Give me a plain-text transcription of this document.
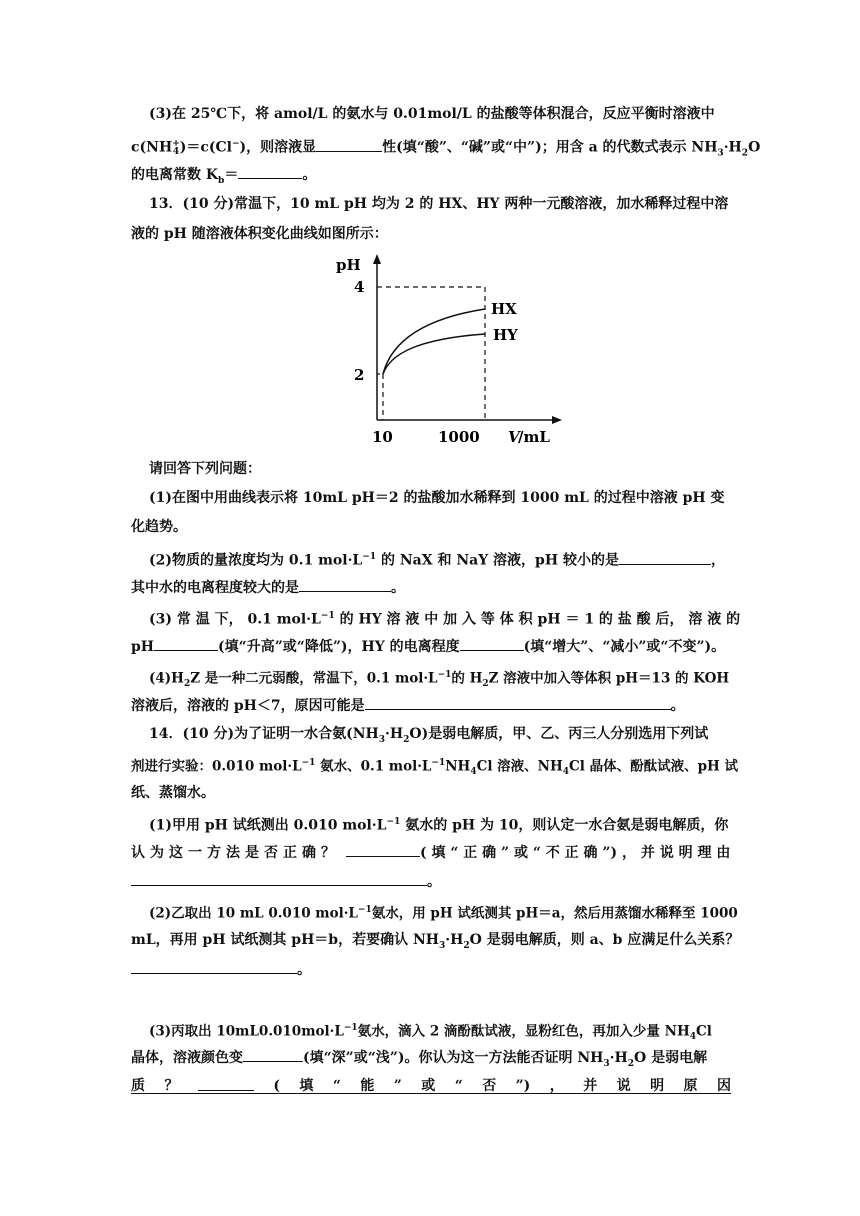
(3)在 25℃下，将 amol/L 的氨水与 0.01mol/L 的盐酸等体积混合，反应平衡时溶液中
c(NH +
4 )＝c(Cl−)，则溶液显	性(填“酸”、“碱”或“中”)；用含 a 的代数式表示 $NH_3\cdot H_2O$
的电离常数 $K_b=$	。
13．(10 分)常温下，10 mL pH 均为 2 的 HX、HY 两种一元酸溶液，加水稀释过程中溶
液的 pH 随溶液体积变化曲线如图所示：
pH
4
2
10	1000 V
/mL
HX
HY
请回答下列问题：
(1)在图中用曲线表示将 10mL pH＝2 的盐酸加水稀释到 1000 mL 的过程中溶液 pH 变
化趋势。
(2)物质的量浓度均为 0.1 $mol\cdot L^{-1}$ 的 NaX 和 NaY 溶液，pH 较小的是	，
其中水的电离程度较大的是	。
(3) 常 温 下， 0.1 $mol\cdot L^{-1}$ 的 HY 溶 液 中 加 入 等 体 积 pH ＝ 1 的 盐 酸 后， 溶 液 的
pH	(填“升高”或“降低”)，HY 的电离程度	(填“增大”、“减小”或“不变”)。
$(4)H_2Z$ 是一种二元弱酸，常温下，0.1 $mol\cdot L^{-1}$的 $H_2Z$ 溶液中加入等体积 pH＝13 的 KOH
溶液后，溶液的 pH＜7，原因可能是	。
14．(10 分)为了证明一水合氨$(NH_3\cdot H_2O)$是弱电解质，甲、乙、丙三人分别选用下列试
剂进行实验：0.010 $mol\cdot L^{-1}$ 氨水、0.1 $mol\cdot L^{-1}NH_4Cl$ 溶液、$NH_4Cl$ 晶体、酚酞试液、pH 试
纸、蒸馏水。
(1)甲用 pH 试纸测出 0.010 $mol\cdot L^{-1}$ 氨水的 pH 为 10，则认定一水合氨是弱电解质，你
认为这一方法是否正确？	( 填 “ 正 确 ” 或 “ 不 正 确 ”) ， 并 说 明 理 由
。
(2)乙取出 10 mL 0.010 $mol\cdot L^{-1}$氨水，用 pH 试纸测其 pH＝a，然后用蒸馏水稀释至 1000
mL，再用 pH 试纸测其 pH＝b，若要确认 $NH_3\cdot H_2O$ 是弱电解质，则 a、b 应满足什么关系？
。
(3)丙取出 $10mL0.010mol\cdot L^{-1}$氨水，滴入 2 滴酚酞试液，显粉红色，再加入少量 $NH_4Cl$
晶体，溶液颜色变	(填“深”或“浅”)。你认为这一方法能否证明 $NH_3\cdot H_2O$ 是弱电解
质 ？	( 填 “ 能 ” 或 “ 否 ”) ， 并 说 明 原 因
